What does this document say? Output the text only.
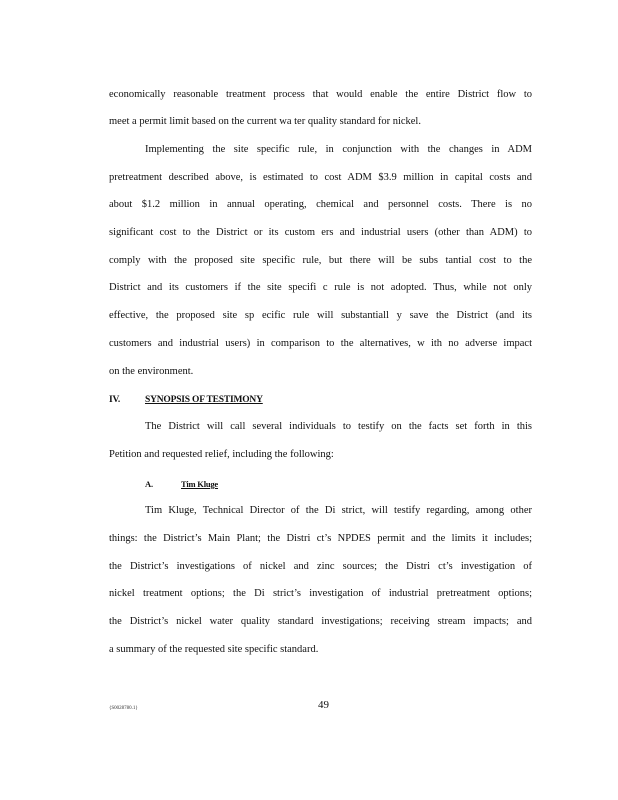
economically reasonable treatment process that would enable the entire District flow to
meet a permit limit based on the current wa ter quality standard for nickel.
Implementing the site specific rule, in conjunction with the changes in ADM
pretreatment described above, is estimated to cost ADM $3.9 million in capital costs and
about $1.2 million in annual operating, chemical and personnel costs. There is no
significant cost to the District or its custom ers and industrial users (other than ADM) to
comply with the proposed site specific rule, but there will be subs tantial cost to the
District and its customers if the site specifi c rule is not adopted. Thus, while not only
effective, the proposed site sp ecific rule will substantiall y save the District (and its
customers and industrial users) in comparison to the alternatives, w ith no adverse impact
on the environment.
IV.	SYNOPSIS OF TESTIMONY
The District will call several individuals to testify on the facts set forth in this
Petition and requested relief, including the following:
A.	Tim Kluge
Tim Kluge, Technical Director of the Di strict, will testify regarding, among other
things: the District’s Main Plant; the Distri ct’s NPDES permit and the limits it includes;
the District’s investigations of nickel and zinc sources; the Distri ct’s investigation of
nickel treatment options; the Di strict’s investigation of industrial pretreatment options;
the District’s nickel water quality standard investigations; receiving stream impacts; and
a summary of the requested site specific standard.
{S0028780.1}	49
